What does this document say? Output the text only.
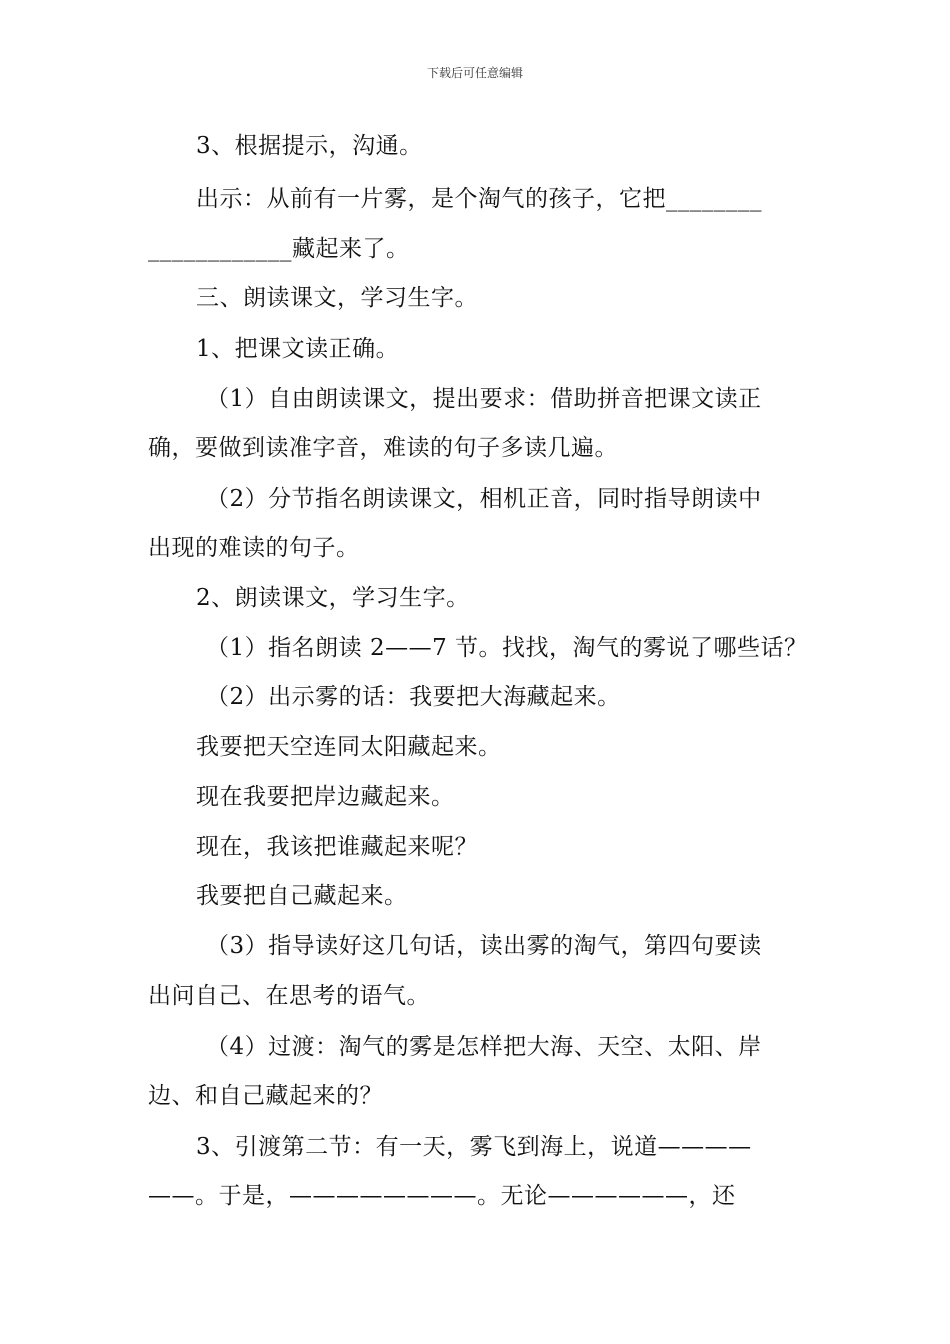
下载后可任意编辑
3、根据提示，沟通。
出示：从前有一片雾，是个淘气的孩子，它把________
____________藏起来了。
三、朗读课文，学习生字。
1、把课文读正确。
（1）自由朗读课文，提出要求：借助拼音把课文读正
确，要做到读准字音，难读的句子多读几遍。
（2）分节指名朗读课文，相机正音，同时指导朗读中
出现的难读的句子。
2、朗读课文，学习生字。
（1）指名朗读 2——7 节。找找，淘气的雾说了哪些话？
（2）出示雾的话：我要把大海藏起来。
我要把天空连同太阳藏起来。
现在我要把岸边藏起来。
现在，我该把谁藏起来呢？
我要把自己藏起来。
（3）指导读好这几句话，读出雾的淘气，第四句要读
出问自己、在思考的语气。
（4）过渡：淘气的雾是怎样把大海、天空、太阳、岸
边、和自己藏起来的？
3、引渡第二节：有一天，雾飞到海上，说道————
——。于是，————————。无论——————，还
